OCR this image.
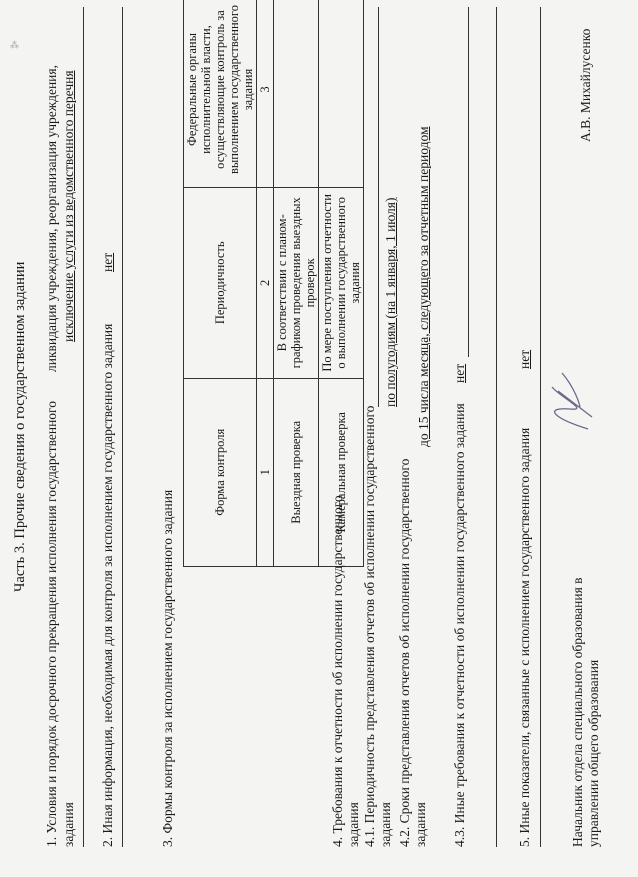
⁂
Часть 3. Прочие сведения о государственном задании 1. Условия и порядок досрочного прекращения исполнения государственного задания
ликвидация учреждения, реорганизация учреждения, исключение услуги из ведомственного перечня
2. Иная информация, необходимая для контроля за исполнением государственного задания
нет
3. Формы контроля за исполнением государственного задания
Форма контроля	Периодичность	Федеральные органы исполнительной власти, осуществляющие контроль за выполнением государственного задания
1	2	3
Выездная проверка	В соответствии с планом-графиком проведения выездных проверок	
Камеральная проверка	По мере поступления отчетности о выполнении государственного задания	
4. Требования к отчетности об исполнении государственного задания 4.1. Периодичность представления отчетов об исполнении государственного задания
по полугодиям (на 1 января, 1 июля)
4.2. Сроки представления отчетов об исполнении государственного задания
до 15 числа месяца, следующего за отчетным периодом
4.3. Иные требования к отчетности об исполнении государственного задания
нет
5. Иные показатели, связанные с исполнением государственного задания
нет
Начальник отдела специального образования в управлении общего образования
А.В. Михайлусенко
